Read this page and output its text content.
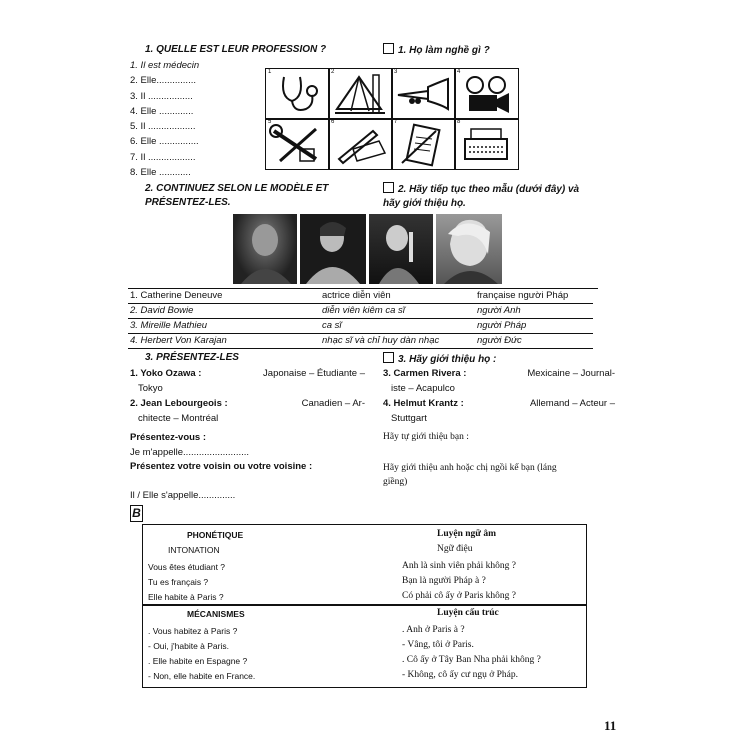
1. QUELLE EST LEUR PROFESSION ?	1. Họ làm nghề gì ?
1. Il est médecin
2. Elle...............
3. Il .................
4. Elle .............
5. Il ..................
6. Elle ...............
7. Il ..................
8. Elle ............
1	2	3	4
5	6	7	8
2. CONTINUEZ SELON LE MODÈLE ET
PRÉSENTEZ-LES.
2. Hãy tiếp tục theo mẫu (dưới đây) và
hãy giới thiệu họ.
1. Catherine Deneuve	actrice diễn viên	française người Pháp
2. David Bowie	diễn viên kiêm ca sĩ	người Anh
3. Mireille Mathieu	ca sĩ	người Pháp
4. Herbert Von Karajan	nhạc sĩ và chỉ huy dàn nhạc	người Đức
3. PRÉSENTEZ-LES	3. Hãy giới thiệu họ :
1. Yoko Ozawa :	Japonaise – Étudiante –
Tokyo
2. Jean Lebourgeois :	Canadien – Ar-
chitecte – Montréal
3. Carmen Rivera :	Mexicaine – Journal-
iste – Acapulco
4. Helmut Krantz :	Allemand – Acteur –
Stuttgart
Présentez-vous :	Hãy tự giới thiệu bạn :
Je m'appelle.........................
Présentez votre voisin ou votre voisine :	Hãy giới thiệu anh hoặc chị ngồi kế bạn (láng
giềng)
Il / Elle s'appelle..............
B
PHONÉTIQUE	Luyện ngữ âm
INTONATION	Ngữ điệu
Vous êtes étudiant ?
Tu es français ?
Elle habite à Paris ?
Anh là sinh viên phải không ?
Bạn là người Pháp à ?
Có phải cô ấy ở Paris không ?
MÉCANISMES	Luyện cấu trúc
. Vous habitez à Paris ?
- Oui, j'habite à Paris.
. Elle habite en Espagne ?
- Non, elle habite en France.
. Anh ở Paris à ?
- Vâng, tôi ở Paris.
. Cô ấy ở Tây Ban Nha phải không ?
- Không, cô ấy cư ngụ ở Pháp.
11
